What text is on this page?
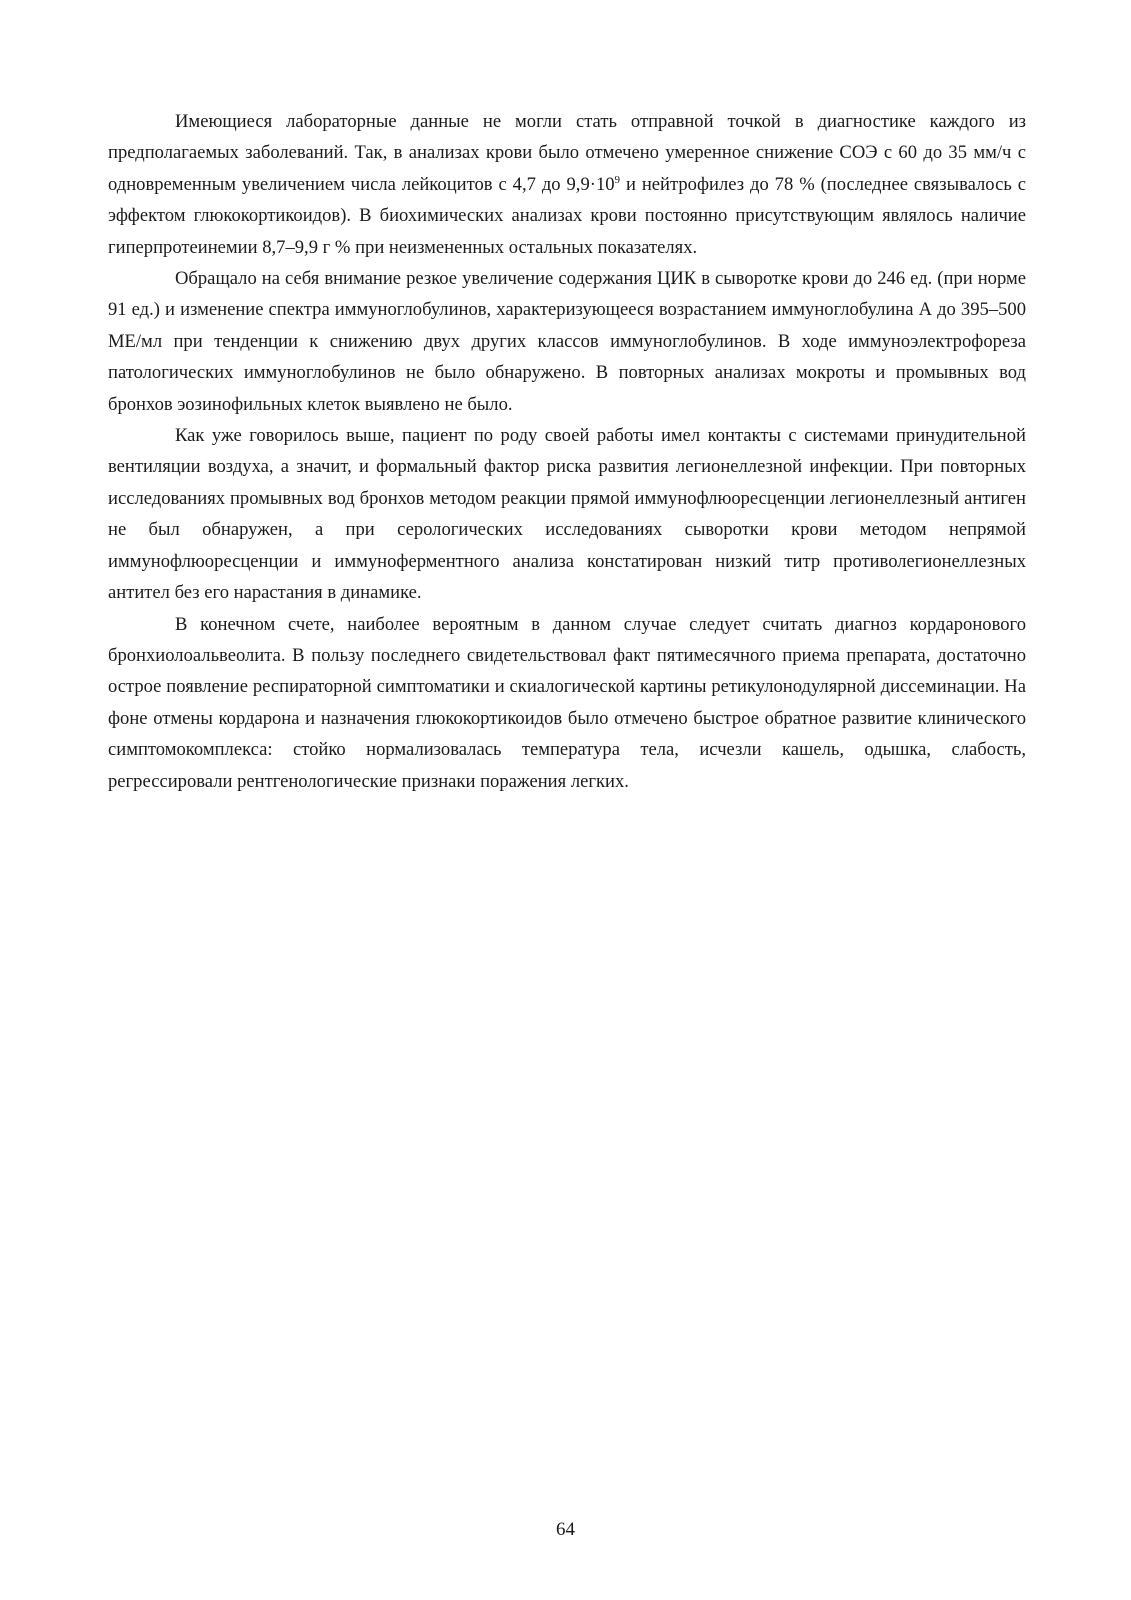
Имеющиеся лабораторные данные не могли стать отправной точкой в диагностике каждого из предполагаемых заболеваний. Так, в анализах крови было отмечено умеренное снижение СОЭ с 60 до 35 мм/ч с одновременным увеличением числа лейкоцитов с 4,7 до $9,9\cdot 10^9$ и нейтрофилез до 78 % (последнее связывалось с эффектом глюкокортикоидов). В биохимических анализах крови постоянно присутствующим являлось наличие гиперпротеинемии 8,7–9,9 г % при неизмененных остальных показателях.

Обращало на себя внимание резкое увеличение содержания ЦИК в сыворотке крови до 246 ед. (при норме 91 ед.) и изменение спектра иммуноглобулинов, характеризующееся возрастанием иммуноглобулина А до 395–500 МЕ/мл при тенденции к снижению двух других классов иммуноглобулинов. В ходе иммуноэлектрофореза патологических иммуноглобулинов не было обнаружено. В повторных анализах мокроты и промывных вод бронхов эозинофильных клеток выявлено не было.

Как уже говорилось выше, пациент по роду своей работы имел контакты с системами принудительной вентиляции воздуха, а значит, и формальный фактор риска развития легионеллезной инфекции. При повторных исследованиях промывных вод бронхов методом реакции прямой иммунофлюоресценции легионеллезный антиген не был обнаружен, а при серологических исследованиях сыворотки крови методом непрямой иммунофлюоресценции и иммуноферментного анализа констатирован низкий титр противолегионеллезных антител без его нарастания в динамике.

В конечном счете, наиболее вероятным в данном случае следует считать диагноз кордаронового бронхиолоальвеолита. В пользу последнего свидетельствовал факт пятимесячного приема препарата, достаточно острое появление респираторной симптоматики и скиалогической картины ретикулонодулярной диссеминации. На фоне отмены кордарона и назначения глюкокортикоидов было отмечено быстрое обратное развитие клинического симптомокомплекса: стойко нормализовалась температура тела, исчезли кашель, одышка, слабость, регрессировали рентгенологические признаки поражения легких.

64
